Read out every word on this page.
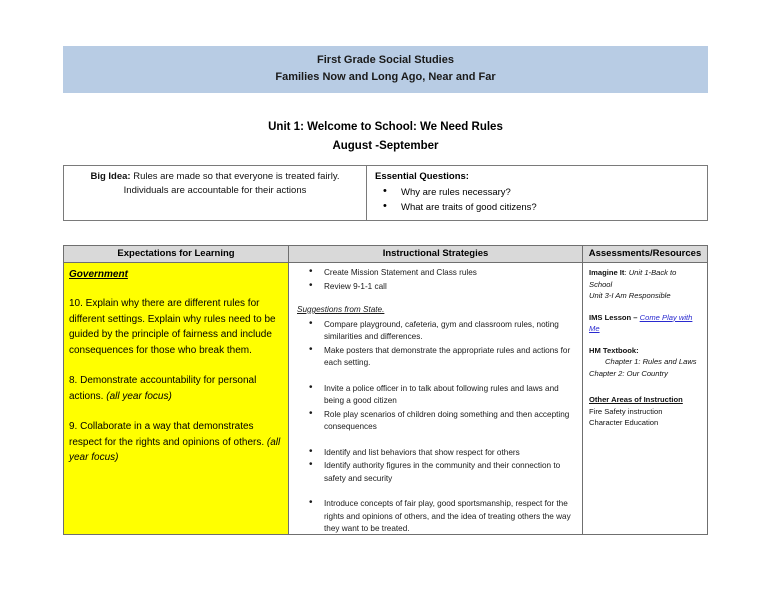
First Grade Social Studies
Families Now and Long Ago, Near and Far
Unit 1: Welcome to School: We Need Rules
August -September
Big Idea: Rules are made so that everyone is treated fairly.
Individuals are accountable for their actions
Essential Questions:
• Why are rules necessary?
• What are traits of good citizens?
Expectations for Learning	Instructional Strategies	Assessments/Resources
Government

10. Explain why there are different rules for different settings. Explain why rules need to be guided by the principle of fairness and include consequences for those who break them.

8. Demonstrate accountability for personal actions. (all year focus)

9. Collaborate in a way that demonstrates respect for the rights and opinions of others. (all year focus)

• Create Mission Statement and Class rules
• Review 9-1-1 call
Suggestions from State.
• Compare playground, cafeteria, gym and classroom rules, noting similarities and differences.
• Make posters that demonstrate the appropriate rules and actions for each setting.
• Invite a police officer in to talk about following rules and laws and being a good citizen
• Role play scenarios of children doing something and then accepting consequences
• Identify and list behaviors that show respect for others
• Identify authority figures in the community and their connection to safety and security
• Introduce concepts of fair play, good sportsmanship, respect for the rights and opinions of others, and the idea of treating others the way they want to be treated.
Imagine It: Unit 1-Back to School
Unit 3-I Am Responsible
IMS Lesson – Come Play with Me
HM Textbook:
Chapter 1: Rules and Laws
Chapter 2: Our Country
Other Areas of Instruction
Fire Safety instruction
Character Education
